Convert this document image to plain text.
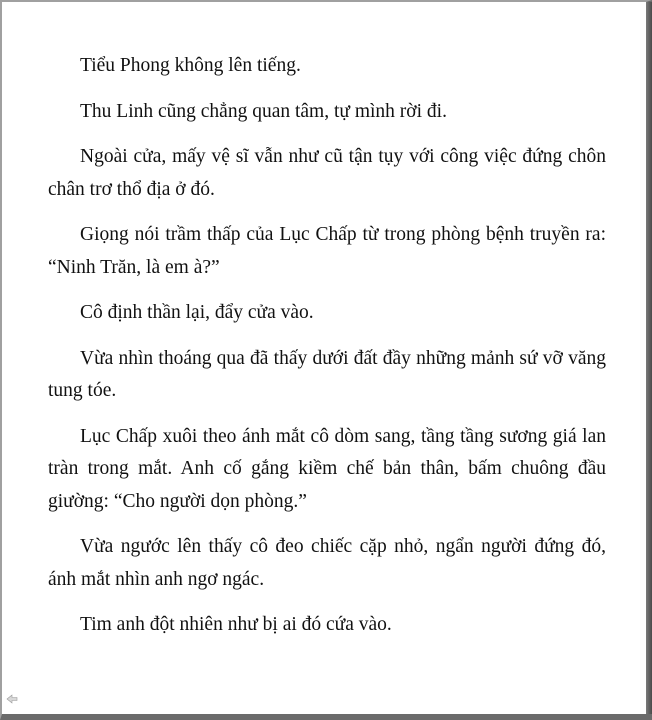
Tiểu Phong không lên tiếng.

Thu Linh cũng chẳng quan tâm, tự mình rời đi.

Ngoài cửa, mấy vệ sĩ vẫn như cũ tận tụy với công việc đứng chôn chân trơ thổ địa ở đó.

Giọng nói trầm thấp của Lục Chấp từ trong phòng bệnh truyền ra: “Ninh Trăn, là em à?”

Cô định thần lại, đẩy cửa vào.

Vừa nhìn thoáng qua đã thấy dưới đất đầy những mảnh sứ vỡ văng tung tóe.

Lục Chấp xuôi theo ánh mắt cô dòm sang, tầng tầng sương giá lan tràn trong mắt. Anh cố gắng kiềm chế bản thân, bấm chuông đầu giường: “Cho người dọn phòng.”

Vừa ngước lên thấy cô đeo chiếc cặp nhỏ, ngẩn người đứng đó, ánh mắt nhìn anh ngơ ngác.

Tim anh đột nhiên như bị ai đó cứa vào.
